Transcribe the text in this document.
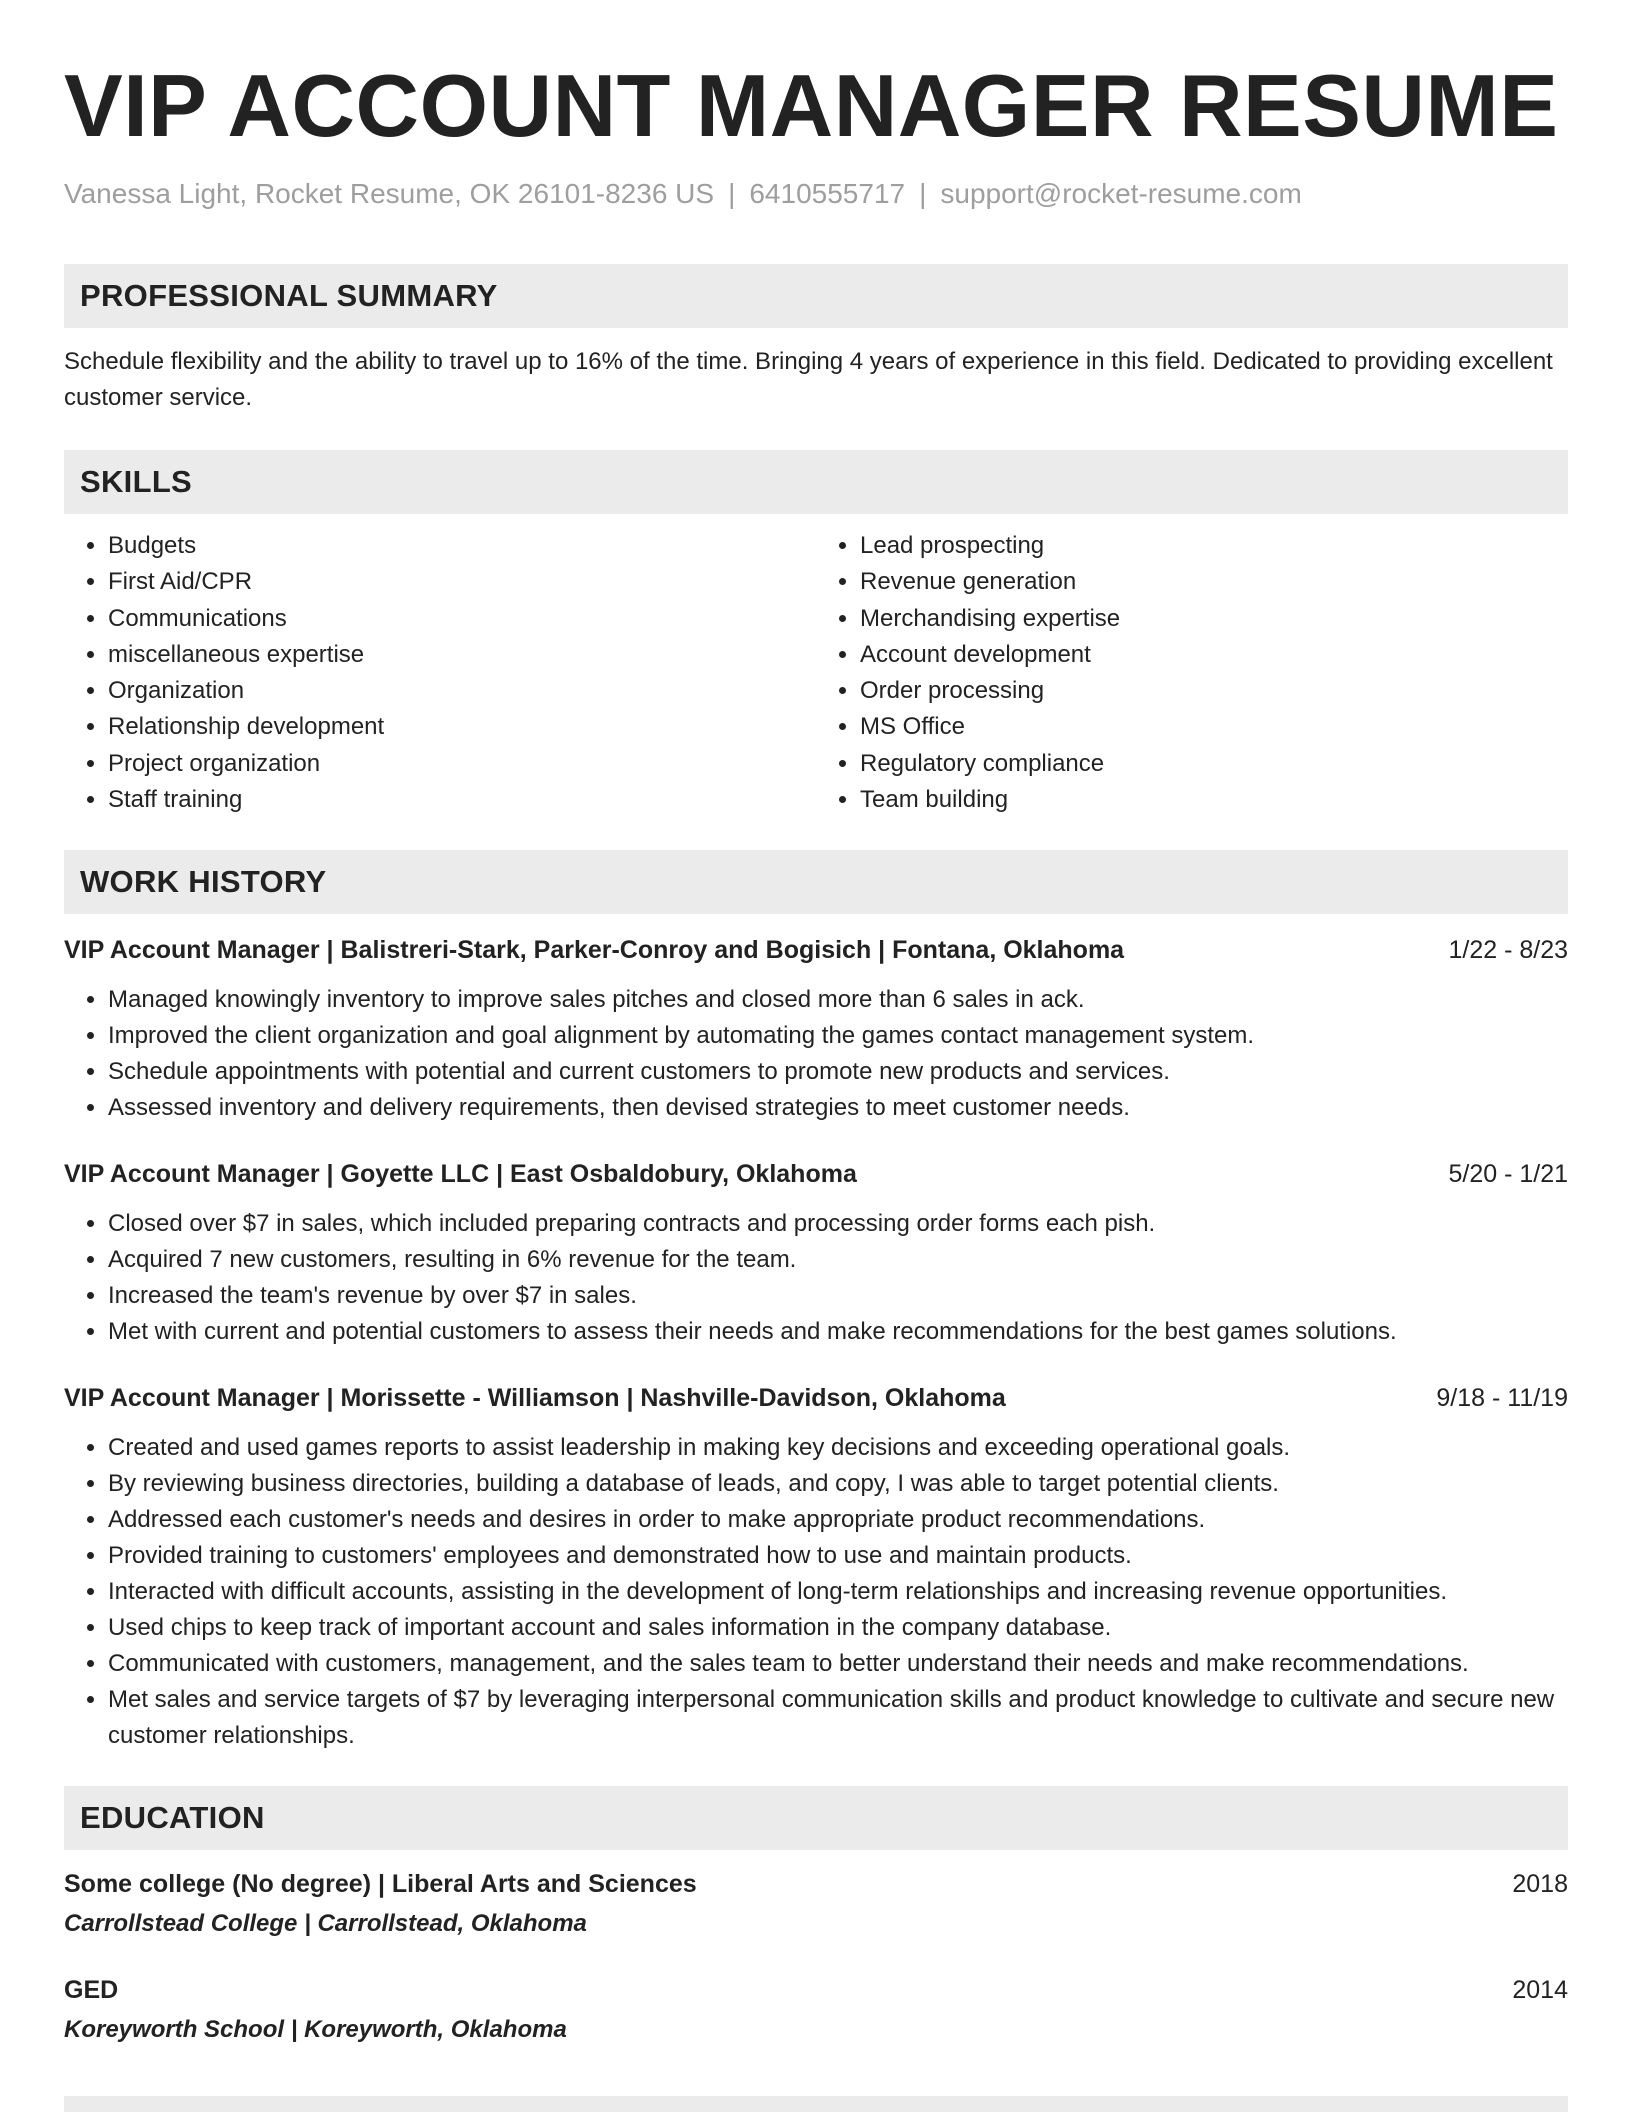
VIP ACCOUNT MANAGER RESUME
Vanessa Light, Rocket Resume, OK 26101-8236 US | 6410555717 | support@rocket-resume.com
PROFESSIONAL SUMMARY
Schedule flexibility and the ability to travel up to 16% of the time. Bringing 4 years of experience in this field. Dedicated to providing excellent customer service.
SKILLS
• Budgets
• First Aid/CPR
• Communications
• miscellaneous expertise
• Organization
• Relationship development
• Project organization
• Staff training
• Lead prospecting
• Revenue generation
• Merchandising expertise
• Account development
• Order processing
• MS Office
• Regulatory compliance
• Team building
WORK HISTORY
VIP Account Manager | Balistreri-Stark, Parker-Conroy and Bogisich | Fontana, Oklahoma	1/22 - 8/23
• Managed knowingly inventory to improve sales pitches and closed more than 6 sales in ack.
• Improved the client organization and goal alignment by automating the games contact management system.
• Schedule appointments with potential and current customers to promote new products and services.
• Assessed inventory and delivery requirements, then devised strategies to meet customer needs.
VIP Account Manager | Goyette LLC | East Osbaldobury, Oklahoma	5/20 - 1/21
• Closed over $7 in sales, which included preparing contracts and processing order forms each pish.
• Acquired 7 new customers, resulting in 6% revenue for the team.
• Increased the team's revenue by over $7 in sales.
• Met with current and potential customers to assess their needs and make recommendations for the best games solutions.
VIP Account Manager | Morissette - Williamson | Nashville-Davidson, Oklahoma	9/18 - 11/19
• Created and used games reports to assist leadership in making key decisions and exceeding operational goals.
• By reviewing business directories, building a database of leads, and copy, I was able to target potential clients.
• Addressed each customer's needs and desires in order to make appropriate product recommendations.
• Provided training to customers' employees and demonstrated how to use and maintain products.
• Interacted with difficult accounts, assisting in the development of long-term relationships and increasing revenue opportunities.
• Used chips to keep track of important account and sales information in the company database.
• Communicated with customers, management, and the sales team to better understand their needs and make recommendations.
• Met sales and service targets of $7 by leveraging interpersonal communication skills and product knowledge to cultivate and secure new customer relationships.
EDUCATION
Some college (No degree) | Liberal Arts and Sciences	2018
Carrollstead College | Carrollstead, Oklahoma
GED	2014
Koreyworth School | Koreyworth, Oklahoma
